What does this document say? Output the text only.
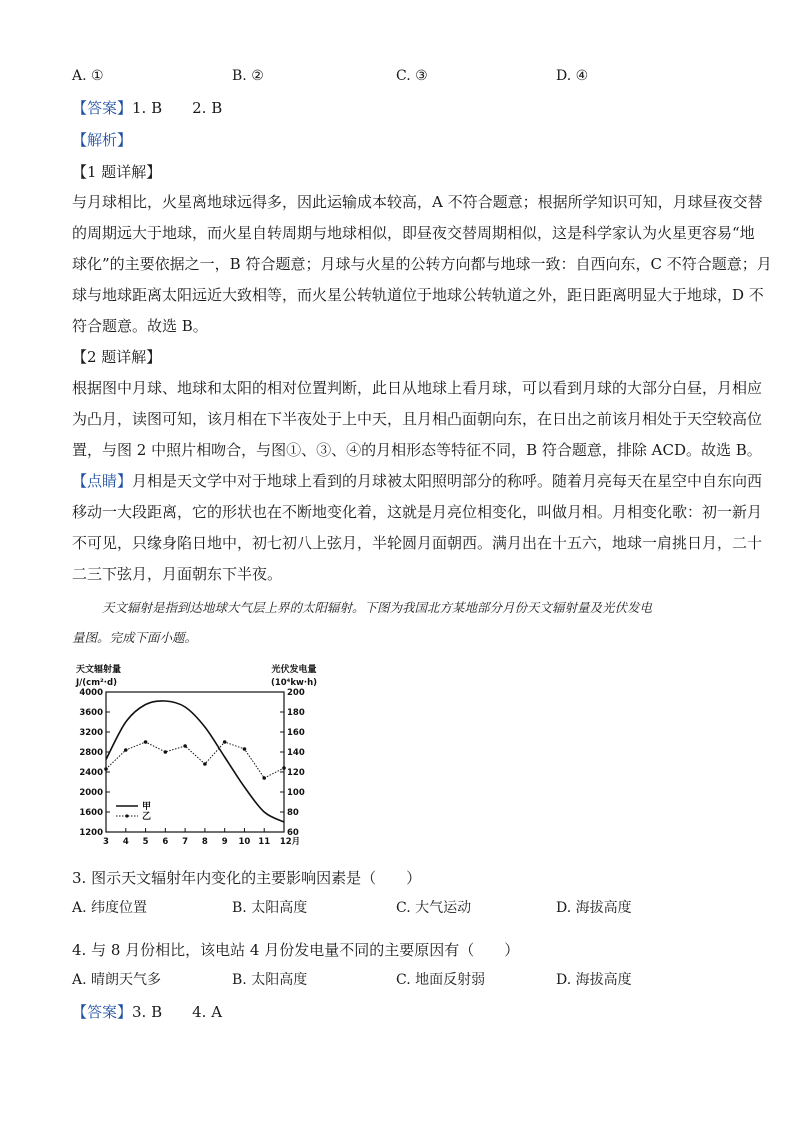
A. ①	B. ②	C. ③	D. ④
【答案】1. B　　2. B
【解析】
【1 题详解】
与月球相比，火星离地球远得多，因此运输成本较高，A 不符合题意；根据所学知识可知，月球昼夜交替
的周期远大于地球，而火星自转周期与地球相似，即昼夜交替周期相似，这是科学家认为火星更容易“地
球化”的主要依据之一，B 符合题意；月球与火星的公转方向都与地球一致：自西向东，C 不符合题意；月
球与地球距离太阳远近大致相等，而火星公转轨道位于地球公转轨道之外，距日距离明显大于地球，D 不
符合题意。故选 B。
【2 题详解】
根据图中月球、地球和太阳的相对位置判断，此日从地球上看月球，可以看到月球的大部分白昼，月相应
为凸月，读图可知，该月相在下半夜处于上中天，且月相凸面朝向东，在日出之前该月相处于天空较高位
置，与图 2 中照片相吻合，与图①、③、④的月相形态等特征不同，B 符合题意，排除 ACD。故选 B。
【点睛】月相是天文学中对于地球上看到的月球被太阳照明部分的称呼。随着月亮每天在星空中自东向西
移动一大段距离，它的形状也在不断地变化着，这就是月亮位相变化，叫做月相。月相变化歌：初一新月
不可见，只缘身陷日地中，初七初八上弦月，半轮圆月面朝西。满月出在十五六，地球一肩挑日月，二十
二三下弦月，月面朝东下半夜。
天文辐射是指到达地球大气层上界的太阳辐射。下图为我国北方某地部分月份天文辐射量及光伏发电
量图。完成下面小题。
天文辐射量
J/(cm²·d)
光伏发电量
(10⁴kw·h)
1200
1600
2000
2400
2800
3200
3600
4000
60
80
100
120
140
160
180
200
3 4 5 6 7 8 9 10 11 12月
甲
乙
3. 图示天文辐射年内变化的主要影响因素是（　　）
A. 纬度位置	B. 太阳高度	C. 大气运动	D. 海拔高度
4. 与 8 月份相比，该电站 4 月份发电量不同的主要原因有（　　）
A. 晴朗天气多	B. 太阳高度	C. 地面反射弱	D. 海拔高度
【答案】3. B　　4. A
